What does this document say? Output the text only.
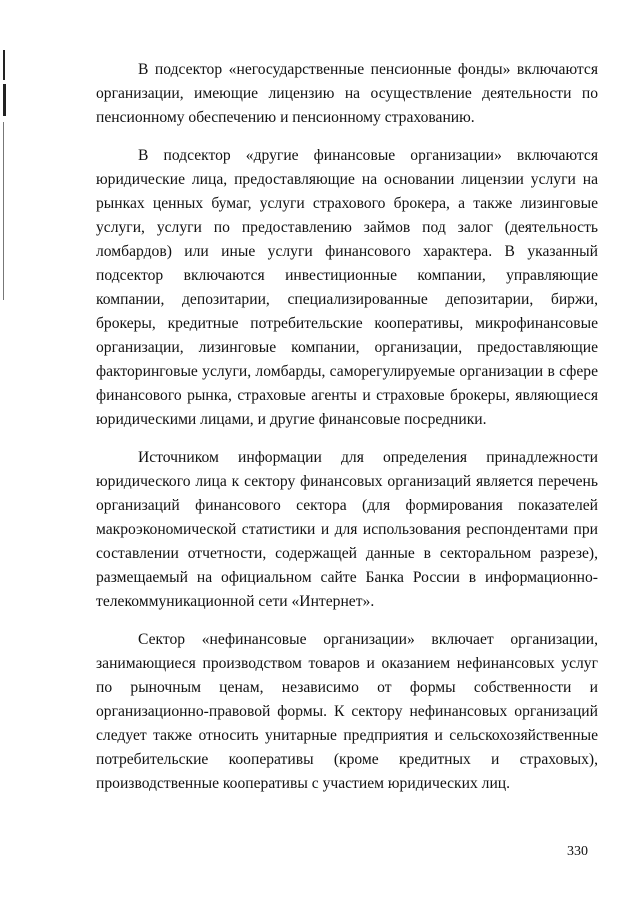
В подсектор «негосударственные пенсионные фонды» включаются организации, имеющие лицензию на осуществление деятельности по пенсионному обеспечению и пенсионному страхованию.

В подсектор «другие финансовые организации» включаются юридические лица, предоставляющие на основании лицензии услуги на рынках ценных бумаг, услуги страхового брокера, а также лизинговые услуги, услуги по предоставлению займов под залог (деятельность ломбардов) или иные услуги финансового характера. В указанный подсектор включаются инвестиционные компании, управляющие компании, депозитарии, специализированные депозитарии, биржи, брокеры, кредитные потребительские кооперативы, микрофинансовые организации, лизинговые компании, организации, предоставляющие факторинговые услуги, ломбарды, саморегулируемые организации в сфере финансового рынка, страховые агенты и страховые брокеры, являющиеся юридическими лицами, и другие финансовые посредники.

Источником информации для определения принадлежности юридического лица к сектору финансовых организаций является перечень организаций финансового сектора (для формирования показателей макроэкономической статистики и для использования респондентами при составлении отчетности, содержащей данные в секторальном разрезе), размещаемый на официальном сайте Банка России в информационно-телекоммуникационной сети «Интернет».

Сектор «нефинансовые организации» включает организации, занимающиеся производством товаров и оказанием нефинансовых услуг по рыночным ценам, независимо от формы собственности и организационно-правовой формы. К сектору нефинансовых организаций следует также относить унитарные предприятия и сельскохозяйственные потребительские кооперативы (кроме кредитных и страховых), производственные кооперативы с участием юридических лиц.

330
